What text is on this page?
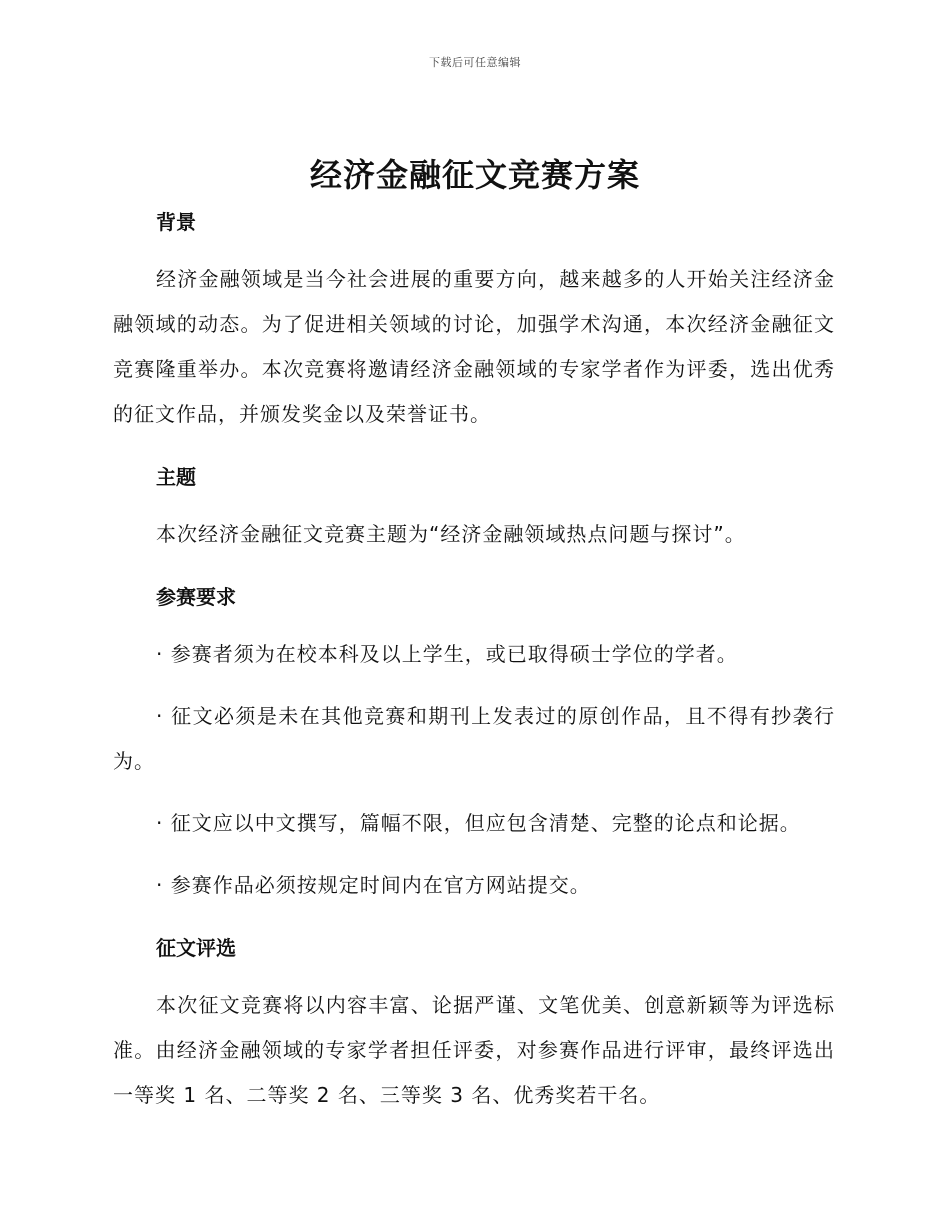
下载后可任意编辑
经济金融征文竞赛方案
背景

经济金融领域是当今社会进展的重要方向，越来越多的人开始关注经济金融领域的动态。为了促进相关领域的讨论，加强学术沟通，本次经济金融征文竞赛隆重举办。本次竞赛将邀请经济金融领域的专家学者作为评委，选出优秀的征文作品，并颁发奖金以及荣誉证书。

主题

本次经济金融征文竞赛主题为“经济金融领域热点问题与探讨”。

参赛要求

· 参赛者须为在校本科及以上学生，或已取得硕士学位的学者。

· 征文必须是未在其他竞赛和期刊上发表过的原创作品，且不得有抄袭行为。

· 征文应以中文撰写，篇幅不限，但应包含清楚、完整的论点和论据。

· 参赛作品必须按规定时间内在官方网站提交。

征文评选

本次征文竞赛将以内容丰富、论据严谨、文笔优美、创意新颖等为评选标准。由经济金融领域的专家学者担任评委，对参赛作品进行评审，最终评选出一等奖 1 名、二等奖 2 名、三等奖 3 名、优秀奖若干名。
